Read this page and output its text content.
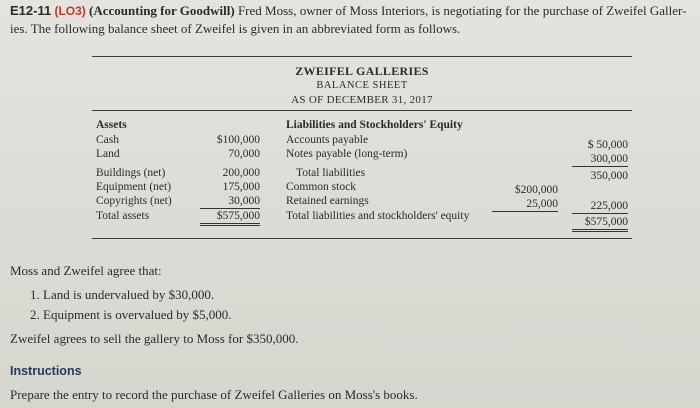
E12-11 (LO3) (Accounting for Goodwill) Fred Moss, owner of Moss Interiors, is negotiating for the purchase of Zweifel Galler-
ies. The following balance sheet of Zweifel is given in an abbreviated form as follows.
ZWEIFEL GALLERIES
BALANCE SHEET
AS OF DECEMBER 31, 2017
Assets
Cash
Land
Buildings (net)
Equipment (net)
Copyrights (net)
Total assets
$100,000
70,000
200,000
175,000
30,000
$575,000
Liabilities and Stockholders' Equity
Accounts payable
Notes payable (long-term)
Total liabilities
Common stock
Retained earnings
Total liabilities and stockholders' equity
$200,000
25,000
$ 50,000
300,000
350,000
225,000
$575,000
Moss and Zweifel agree that:
1. Land is undervalued by $30,000.
2. Equipment is overvalued by $5,000.
Zweifel agrees to sell the gallery to Moss for $350,000.
Instructions
Prepare the entry to record the purchase of Zweifel Galleries on Moss's books.
